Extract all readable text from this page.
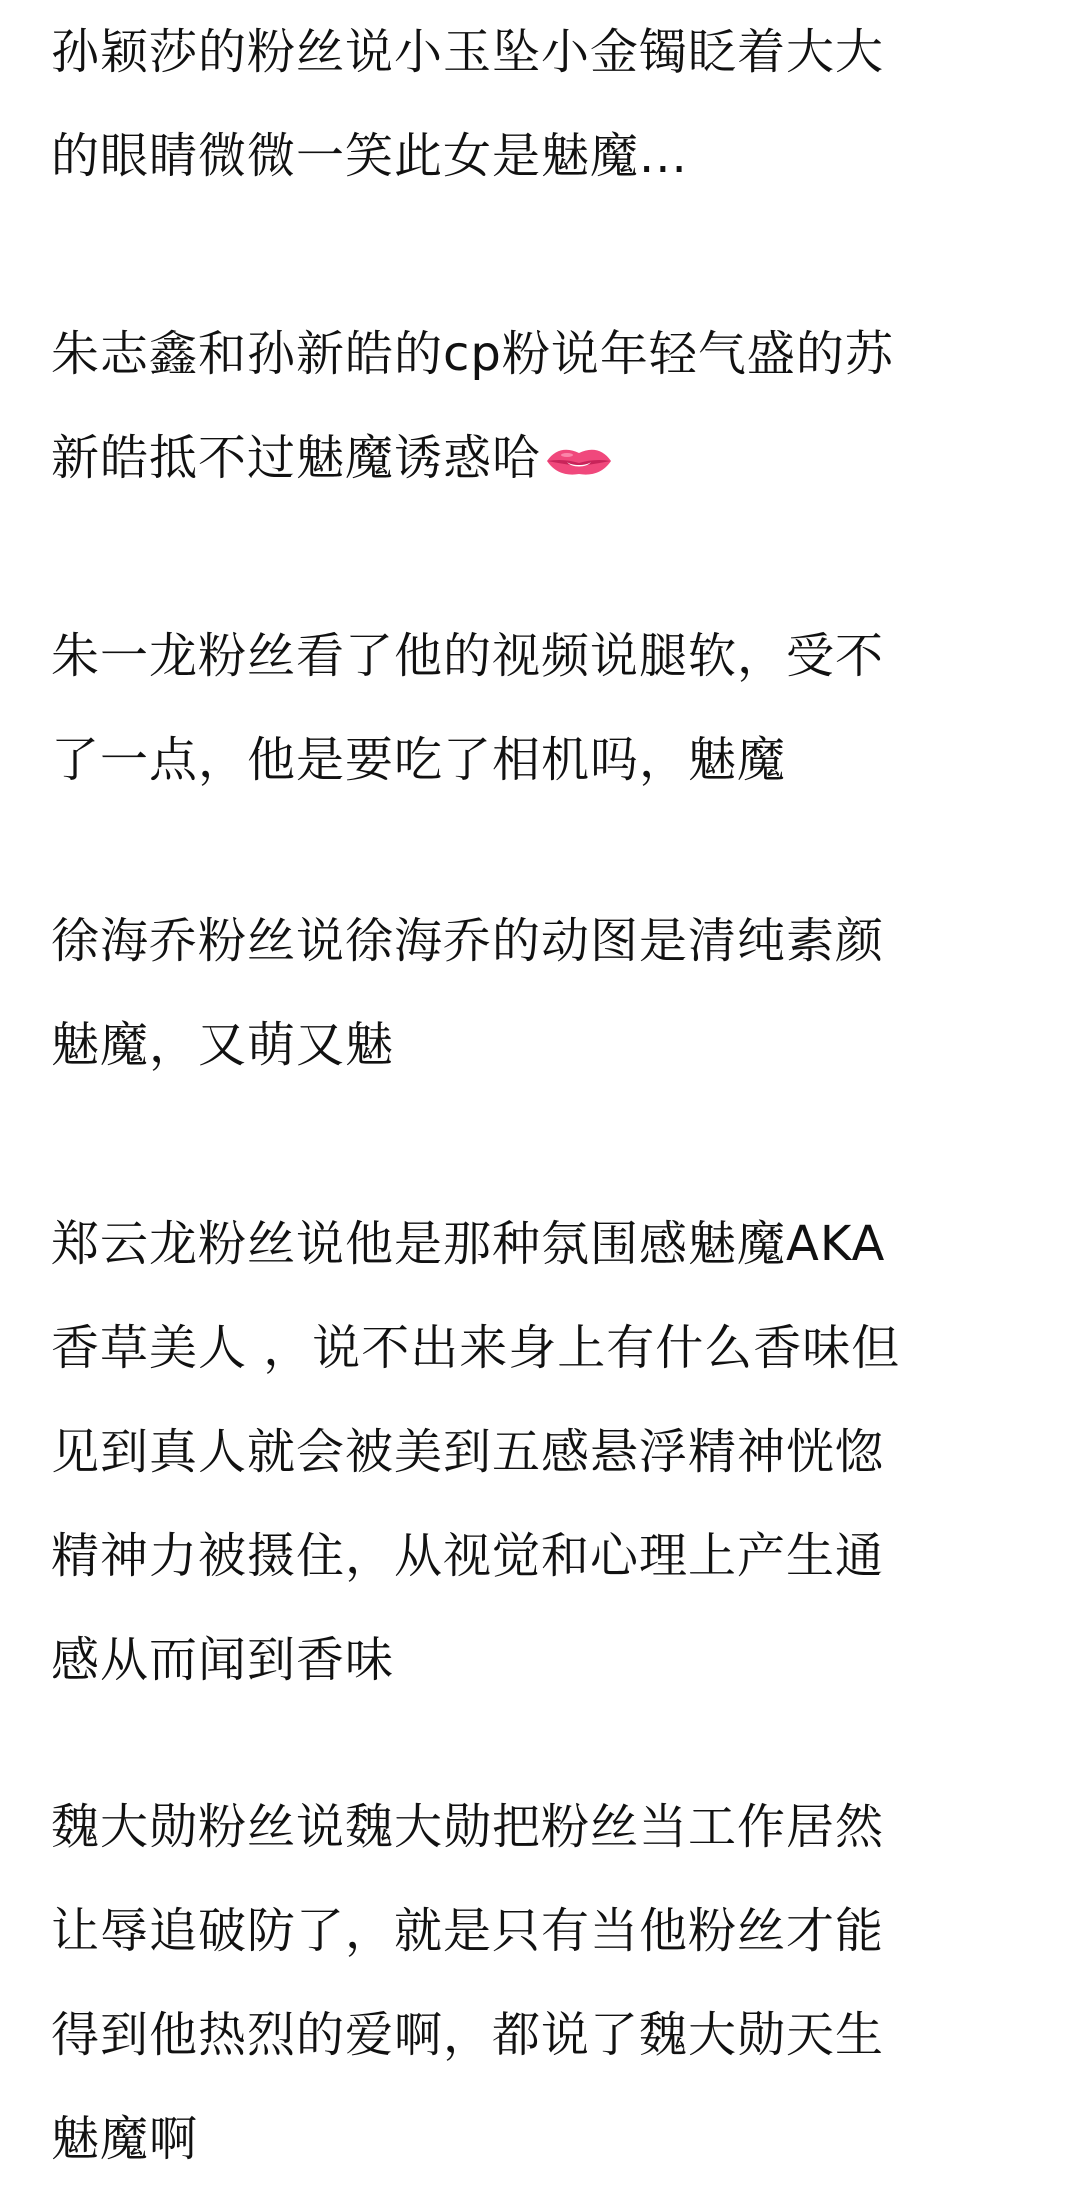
孙颖莎的粉丝说小玉坠小金镯眨着大大
的眼睛微微一笑此女是魅魔...

朱志鑫和孙新皓的cp粉说年轻气盛的苏
新皓抵不过魅魔诱惑哈

朱一龙粉丝看了他的视频说腿软，受不
了一点，他是要吃了相机吗，魅魔

徐海乔粉丝说徐海乔的动图是清纯素颜
魅魔，又萌又魅

郑云龙粉丝说他是那种氛围感魅魔AKA
香草美人 ，说不出来身上有什么香味但
见到真人就会被美到五感悬浮精神恍惚
精神力被摄住，从视觉和心理上产生通
感从而闻到香味

魏大勋粉丝说魏大勋把粉丝当工作居然
让辱追破防了，就是只有当他粉丝才能
得到他热烈的爱啊，都说了魏大勋天生
魅魔啊
